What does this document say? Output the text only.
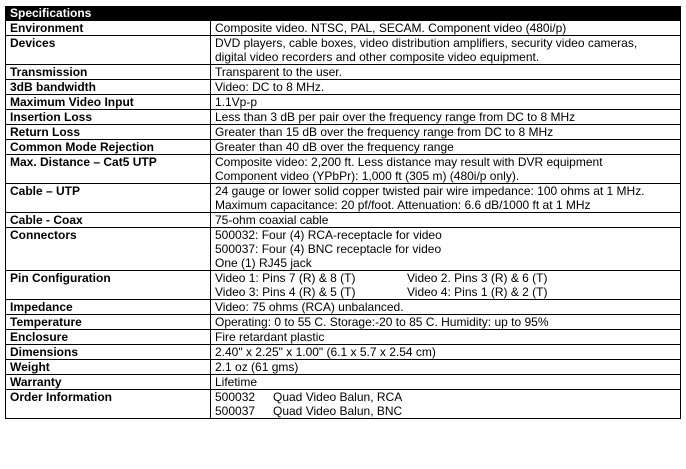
Specifications	
Environment	Composite video. NTSC, PAL, SECAM. Component video (480i/p)

Devices	DVD players, cable boxes, video distribution amplifiers, security video cameras,
digital video recorders and other composite video equipment.

Transmission	Transparent to the user.

3dB bandwidth	Video: DC to 8 MHz.

Maximum Video Input	1.1Vp-p

Insertion Loss	Less than 3 dB per pair over the frequency range from DC to 8 MHz

Return Loss	Greater than 15 dB over the frequency range from DC to 8 MHz

Common Mode Rejection	Greater than 40 dB over the frequency range

Max. Distance – Cat5 UTP	Composite video: 2,200 ft. Less distance may result with DVR equipment
Component video (YPbPr): 1,000 ft (305 m) (480i/p only).

Cable – UTP	24 gauge or lower solid copper twisted pair wire impedance: 100 ohms at 1 MHz.
Maximum capacitance: 20 pf/foot. Attenuation: 6.6 dB/1000 ft at 1 MHz

Cable - Coax	75-ohm coaxial cable

Connectors	500032: Four (4) RCA-receptacle for video
500037: Four (4) BNC receptacle for video
One (1) RJ45 jack

Pin Configuration	Video 1: Pins 7 (R) & 8 (T) Video 2. Pins 3 (R) & 6 (T)
Video 3: Pins 4 (R) & 5 (T) Video 4: Pins 1 (R) & 2 (T)

Impedance	Video: 75 ohms (RCA) unbalanced.

Temperature	Operating: 0 to 55 C. Storage:-20 to 85 C. Humidity: up to 95%

Enclosure	Fire retardant plastic

Dimensions	2.40" x 2.25" x 1.00" (6.1 x 5.7 x 2.54 cm)

Weight	2.1 oz (61 gms)

Warranty	Lifetime

Order Information	500032 Quad Video Balun, RCA
500037 Quad Video Balun, BNC
